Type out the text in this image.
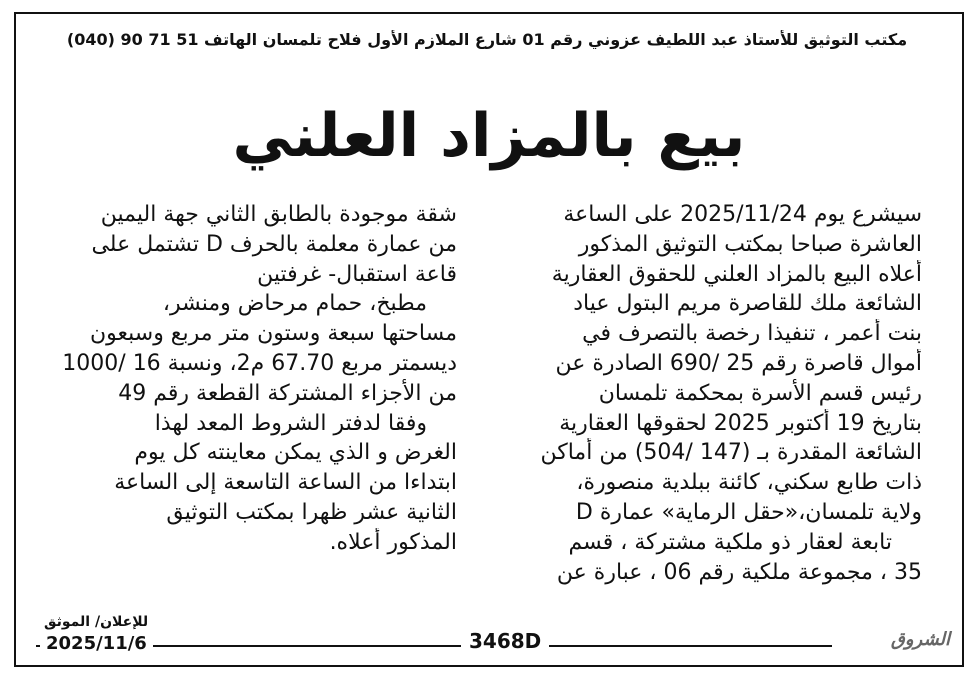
مكتب التوثيق للأستاذ عبد اللطيف عزوني رقم 01 شارع الملازم الأول فلاح تلمسان الهاتف 51 71 90 (040)
بيع بالمزاد العلني
سيشرع يوم 2025/11/24 على الساعة
العاشرة صباحا بمكتب التوثيق المذكور
أعلاه البيع بالمزاد العلني للحقوق العقارية
الشائعة ملك للقاصرة مريم البتول عياد
بنت أعمر ، تنفيذا رخصة بالتصرف في
أموال قاصرة رقم 25 /690 الصادرة عن
رئيس قسم الأسرة بمحكمة تلمسان
بتاريخ 19 أكتوبر 2025 لحقوقها العقارية
الشائعة المقدرة بـ (147 /504) من أماكن
ذات طابع سكني، كائنة ببلدية منصورة،
ولاية تلمسان،«حقل الرماية» عمارة D
تابعة لعقار ذو ملكية مشتركة ، قسم
35 ، مجموعة ملكية رقم 06 ، عبارة عن
شقة موجودة بالطابق الثاني جهة اليمين
من عمارة معلمة بالحرف D تشتمل على
قاعة استقبال- غرفتين
مطبخ، حمام مرحاض ومنشر،
مساحتها سبعة وستون متر مربع وسبعون
ديسمتر مربع 67.70 م2، ونسبة 16 /1000
من الأجزاء المشتركة القطعة رقم 49
وفقا لدفتر الشروط المعد لهذا
الغرض و الذي يمكن معاينته كل يوم
ابتداءا من الساعة التاسعة إلى الساعة
الثانية عشر ظهرا بمكتب التوثيق
المذكور أعلاه.
للإعلان/ الموثق
2025/11/6	3468D	الشروق
